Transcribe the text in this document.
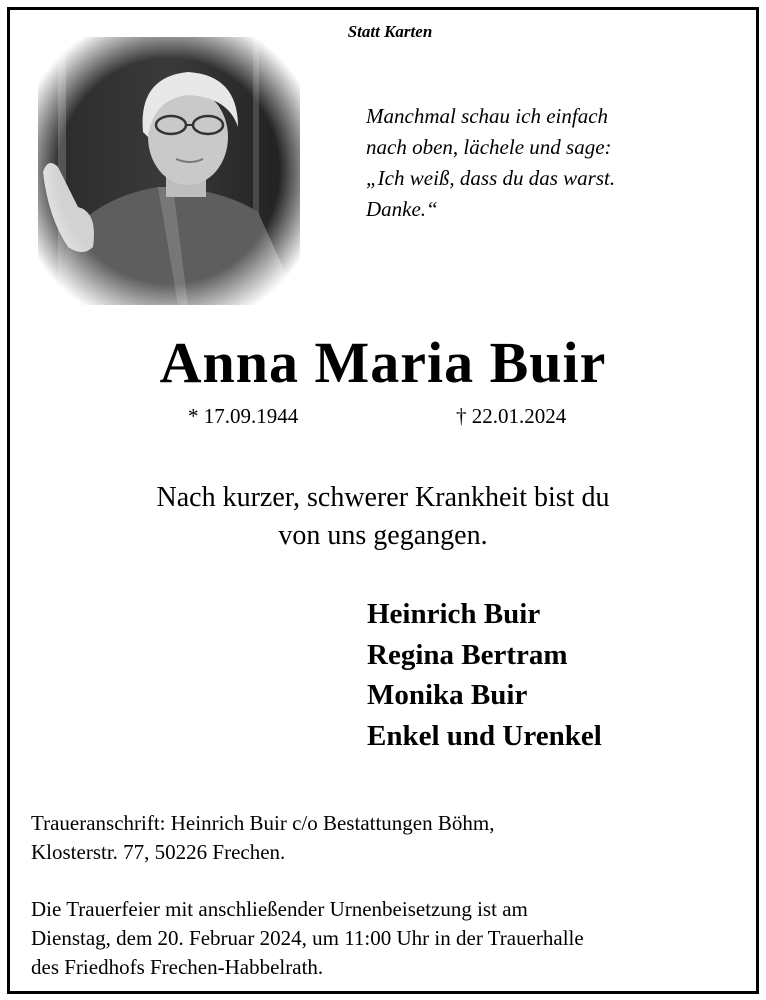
Statt Karten
Manchmal schau ich einfach
nach oben, lächele und sage:
„Ich weiß, dass du das warst.
Danke.“
Anna Maria Buir
* 17.09.1944	† 22.01.2024
Nach kurzer, schwerer Krankheit bist du
von uns gegangen.
Heinrich Buir
Regina Bertram
Monika Buir
Enkel und Urenkel
Traueranschrift: Heinrich Buir c/o Bestattungen Böhm,
Klosterstr. 77, 50226 Frechen.
Die Trauerfeier mit anschließender Urnenbeisetzung ist am
Dienstag, dem 20. Februar 2024, um 11:00 Uhr in der Trauerhalle
des Friedhofs Frechen-Habbelrath.
